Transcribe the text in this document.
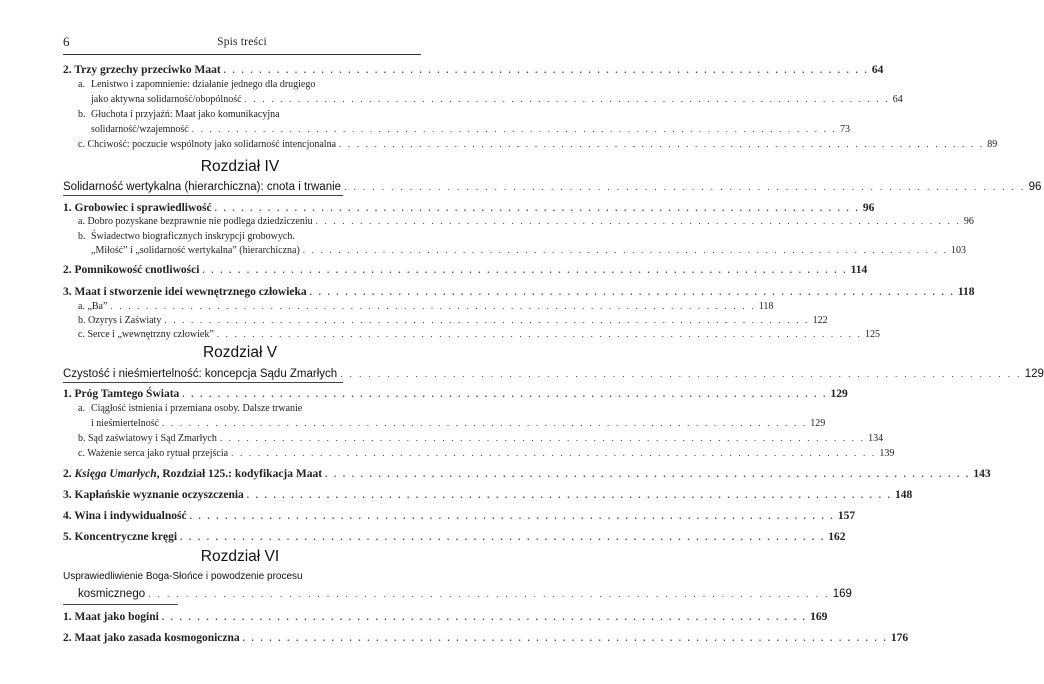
6	Spis treści
2. Trzy grzechy przeciwko Maat . . . . . . . . . . . . . . . . . . . . . . . . . . . . . . . . . . . . . . . . . . . . . . . . . . . . . . . . . . . . . . . . . . . . . . . . . 64
a. Lenistwo i zapomnienie: działanie jednego dla drugiego
jako aktywna solidarność/obopólność . . . . . . . . . . . . . . . . . . . . . . . . . . . . . . . . . . . . . . . . . . . . . . . . . . . . . . . . . . . . . . . . . . . . . . . . . 64
b. Głuchota i przyjaźń: Maat jako komunikacyjna
solidarność/wzajemność . . . . . . . . . . . . . . . . . . . . . . . . . . . . . . . . . . . . . . . . . . . . . . . . . . . . . . . . . . . . . . . . . . . . . . . . . 73
c. Chciwość: poczucie wspólnoty jako solidarność intencjonalna . . . . . . . . . . . . . . . . . . . . . . . . . . . . . . . . . . . . . . . . . . . . . . . . . . . . . . . . . . . . . . . . . . . . . . . . . 89
Rozdział IV
Solidarność wertykalna (hierarchiczna): cnota i trwanie . . . . . . . . . . . . . . . . . . . . . . . . . . . . . . . . . . . . . . . . . . . . . . . . . . . . . . . . . . . . . . . . . . . . . . . . . 96
1. Grobowiec i sprawiedliwość . . . . . . . . . . . . . . . . . . . . . . . . . . . . . . . . . . . . . . . . . . . . . . . . . . . . . . . . . . . . . . . . . . . . . . . . . 96
a. Dobro pozyskane bezprawnie nie podlega dziedziczeniu . . . . . . . . . . . . . . . . . . . . . . . . . . . . . . . . . . . . . . . . . . . . . . . . . . . . . . . . . . . . . . . . . . . . . . . . . 96
b. Świadectwo biograficznych inskrypcji grobowych.
„Miłość” i „solidarność wertykalna” (hierarchiczna) . . . . . . . . . . . . . . . . . . . . . . . . . . . . . . . . . . . . . . . . . . . . . . . . . . . . . . . . . . . . . . . . . . . . . . . . . 103
2. Pomnikowość cnotliwości . . . . . . . . . . . . . . . . . . . . . . . . . . . . . . . . . . . . . . . . . . . . . . . . . . . . . . . . . . . . . . . . . . . . . . . . . 114
3. Maat i stworzenie idei wewnętrznego człowieka . . . . . . . . . . . . . . . . . . . . . . . . . . . . . . . . . . . . . . . . . . . . . . . . . . . . . . . . . . . . . . . . . . . . . . . . . 118
a. „Ba” . . . . . . . . . . . . . . . . . . . . . . . . . . . . . . . . . . . . . . . . . . . . . . . . . . . . . . . . . . . . . . . . . . . . . . . . . 118
b. Ozyrys i Zaświaty . . . . . . . . . . . . . . . . . . . . . . . . . . . . . . . . . . . . . . . . . . . . . . . . . . . . . . . . . . . . . . . . . . . . . . . . . 122
c. Serce i „wewnętrzny człowiek” . . . . . . . . . . . . . . . . . . . . . . . . . . . . . . . . . . . . . . . . . . . . . . . . . . . . . . . . . . . . . . . . . . . . . . . . . 125
Rozdział V
Czystość i nieśmiertelność: koncepcja Sądu Zmarłych . . . . . . . . . . . . . . . . . . . . . . . . . . . . . . . . . . . . . . . . . . . . . . . . . . . . . . . . . . . . . . . . . . . . . . . . . 129
1. Próg Tamtego Świata . . . . . . . . . . . . . . . . . . . . . . . . . . . . . . . . . . . . . . . . . . . . . . . . . . . . . . . . . . . . . . . . . . . . . . . . . 129
a. Ciągłość istnienia i przemiana osoby. Dalsze trwanie
i nieśmiertelność . . . . . . . . . . . . . . . . . . . . . . . . . . . . . . . . . . . . . . . . . . . . . . . . . . . . . . . . . . . . . . . . . . . . . . . . . 129
b. Sąd zaświatowy i Sąd Zmarłych . . . . . . . . . . . . . . . . . . . . . . . . . . . . . . . . . . . . . . . . . . . . . . . . . . . . . . . . . . . . . . . . . . . . . . . . . 134
c. Ważenie serca jako rytuał przejścia . . . . . . . . . . . . . . . . . . . . . . . . . . . . . . . . . . . . . . . . . . . . . . . . . . . . . . . . . . . . . . . . . . . . . . . . . 139
2. Księga Umarłych, Rozdział 125.: kodyfikacja Maat . . . . . . . . . . . . . . . . . . . . . . . . . . . . . . . . . . . . . . . . . . . . . . . . . . . . . . . . . . . . . . . . . . . . . . . . . 143
3. Kapłańskie wyznanie oczyszczenia . . . . . . . . . . . . . . . . . . . . . . . . . . . . . . . . . . . . . . . . . . . . . . . . . . . . . . . . . . . . . . . . . . . . . . . . . 148
4. Wina i indywidualność . . . . . . . . . . . . . . . . . . . . . . . . . . . . . . . . . . . . . . . . . . . . . . . . . . . . . . . . . . . . . . . . . . . . . . . . . 157
5. Koncentryczne kręgi . . . . . . . . . . . . . . . . . . . . . . . . . . . . . . . . . . . . . . . . . . . . . . . . . . . . . . . . . . . . . . . . . . . . . . . . . 162
Rozdział VI
Usprawiedliwienie Boga-Słońce i powodzenie procesu
kosmicznego . . . . . . . . . . . . . . . . . . . . . . . . . . . . . . . . . . . . . . . . . . . . . . . . . . . . . . . . . . . . . . . . . . . . . . . . . 169
1. Maat jako bogini . . . . . . . . . . . . . . . . . . . . . . . . . . . . . . . . . . . . . . . . . . . . . . . . . . . . . . . . . . . . . . . . . . . . . . . . . 169
2. Maat jako zasada kosmogoniczna . . . . . . . . . . . . . . . . . . . . . . . . . . . . . . . . . . . . . . . . . . . . . . . . . . . . . . . . . . . . . . . . . . . . . . . . . 176
